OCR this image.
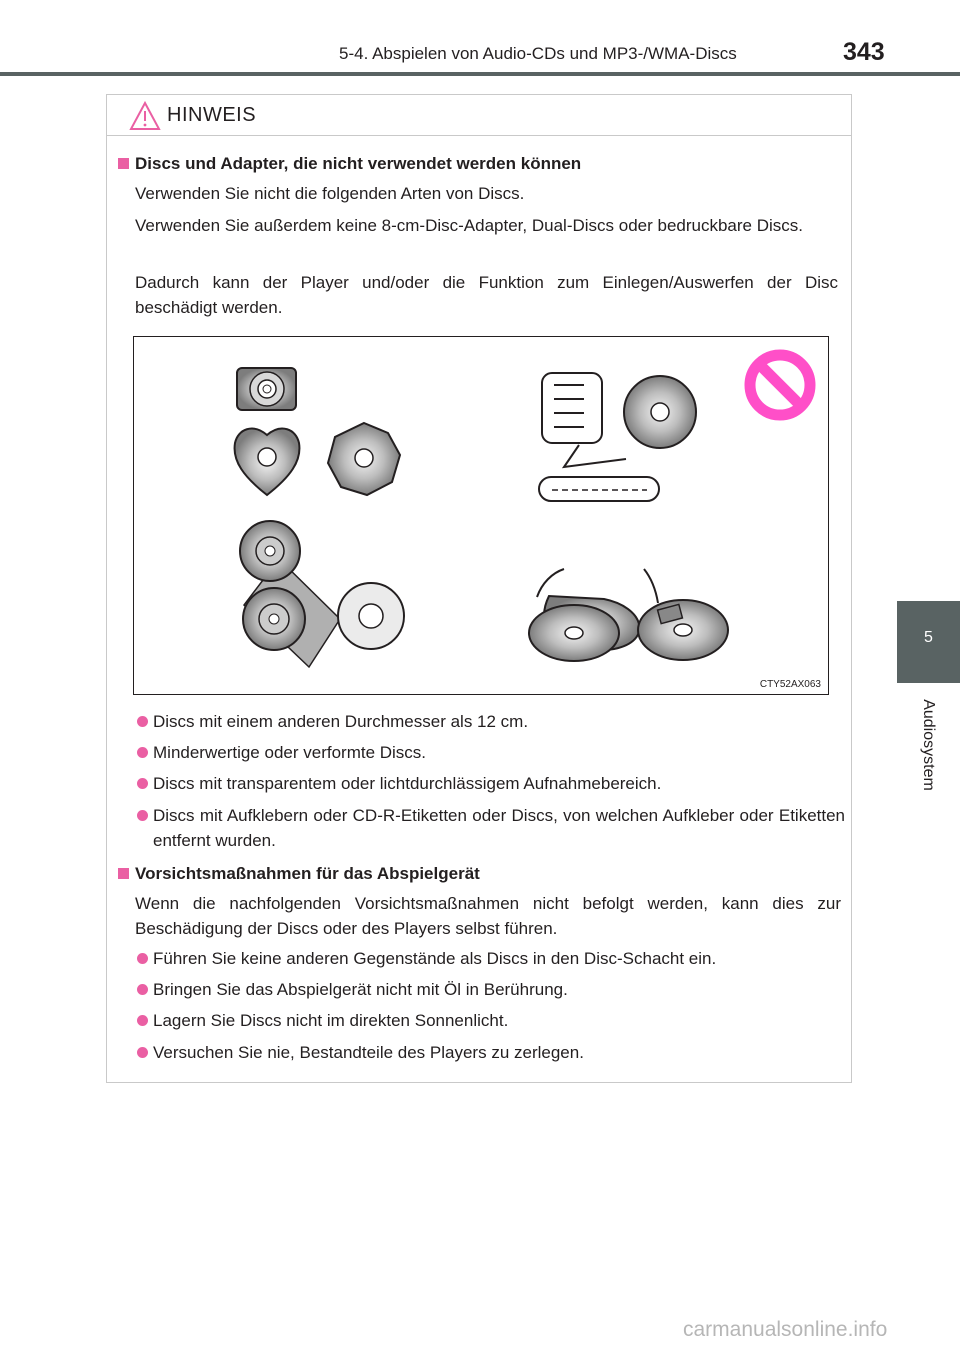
5-4. Abspielen von Audio-CDs und MP3-/WMA-Discs	343
5
Audiosystem
HINWEIS
Discs und Adapter, die nicht verwendet werden können
Verwenden Sie nicht die folgenden Arten von Discs.
Verwenden Sie außerdem keine 8-cm-Disc-Adapter, Dual-Discs oder bedruckbare Discs.
Dadurch kann der Player und/oder die Funktion zum Einlegen/Auswerfen der Disc beschädigt werden.
CTY52AX063
Discs mit einem anderen Durchmesser als 12 cm.
Minderwertige oder verformte Discs.
Discs mit transparentem oder lichtdurchlässigem Aufnahmebereich.
Discs mit Aufklebern oder CD-R-Etiketten oder Discs, von welchen Aufkleber oder Etiketten entfernt wurden.
Vorsichtsmaßnahmen für das Abspielgerät
Wenn die nachfolgenden Vorsichtsmaßnahmen nicht befolgt werden, kann dies zur Beschädigung der Discs oder des Players selbst führen.
Führen Sie keine anderen Gegenstände als Discs in den Disc-Schacht ein.
Bringen Sie das Abspielgerät nicht mit Öl in Berührung.
Lagern Sie Discs nicht im direkten Sonnenlicht.
Versuchen Sie nie, Bestandteile des Players zu zerlegen.
carmanualsonline.info
